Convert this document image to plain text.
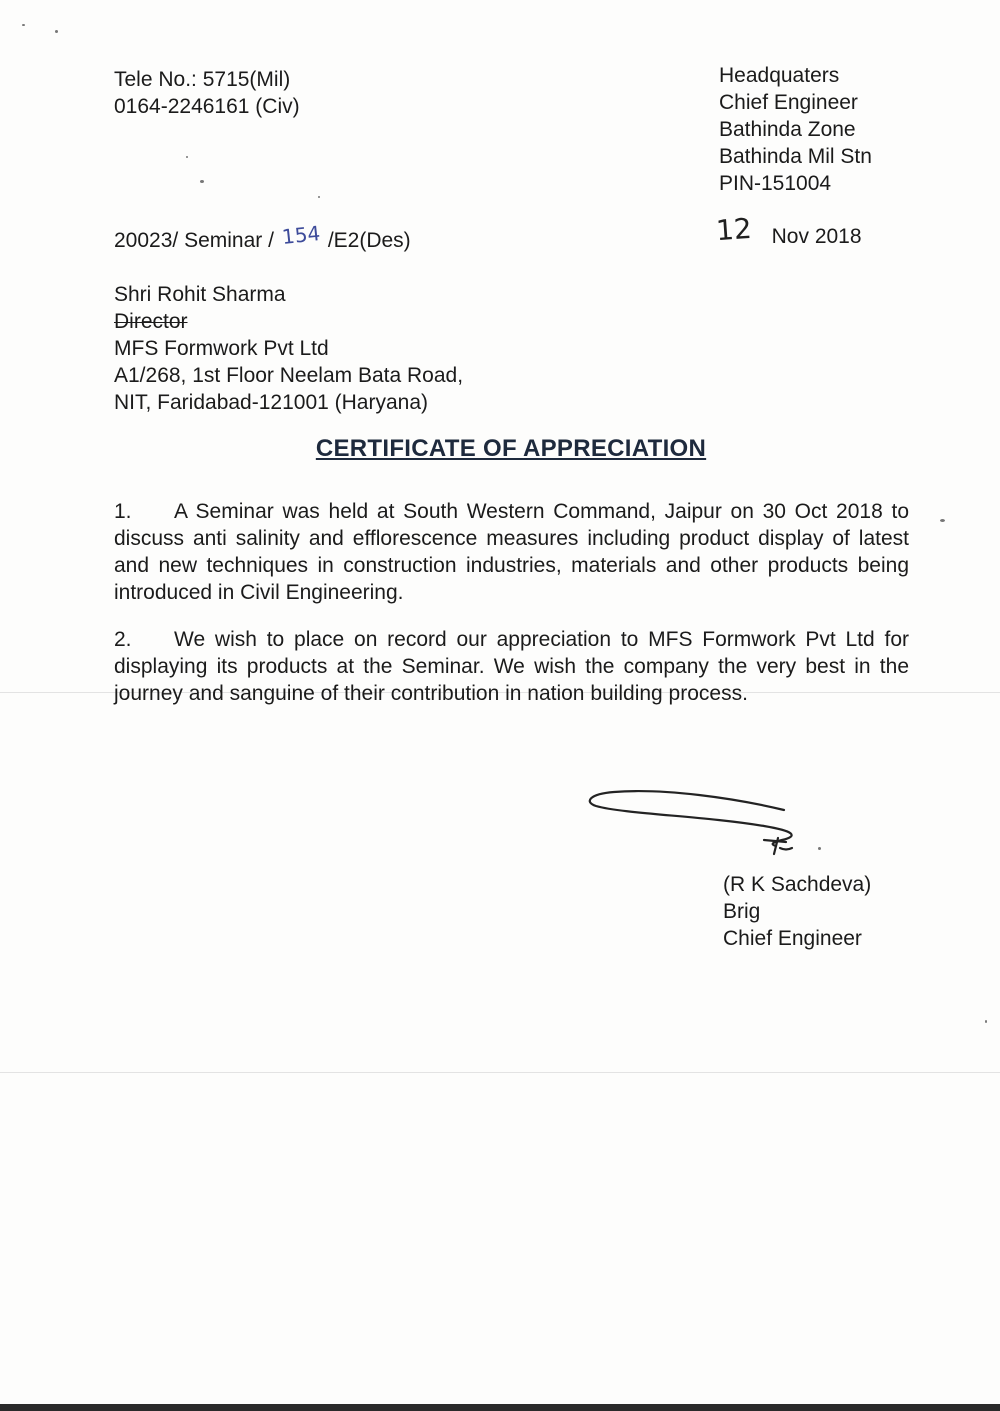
Tele No.: 5715(Mil)
0164-2246161 (Civ)
Headquaters
Chief Engineer
Bathinda Zone
Bathinda Mil Stn
PIN-151004
20023/ Seminar / 154 /E2(Des)	12 Nov 2018
Shri Rohit Sharma
Director
MFS Formwork Pvt Ltd
A1/268, 1st Floor Neelam Bata Road,
NIT, Faridabad-121001 (Haryana)
CERTIFICATE OF APPRECIATION
1. A Seminar was held at South Western Command, Jaipur on 30 Oct 2018 to discuss anti salinity and efflorescence measures including product display of latest and new techniques in construction industries, materials and other products being introduced in Civil Engineering.
2. We wish to place on record our appreciation to MFS Formwork Pvt Ltd for displaying its products at the Seminar. We wish the company the very best in the journey and sanguine of their contribution in nation building process.
(R K Sachdeva)
Brig
Chief Engineer
